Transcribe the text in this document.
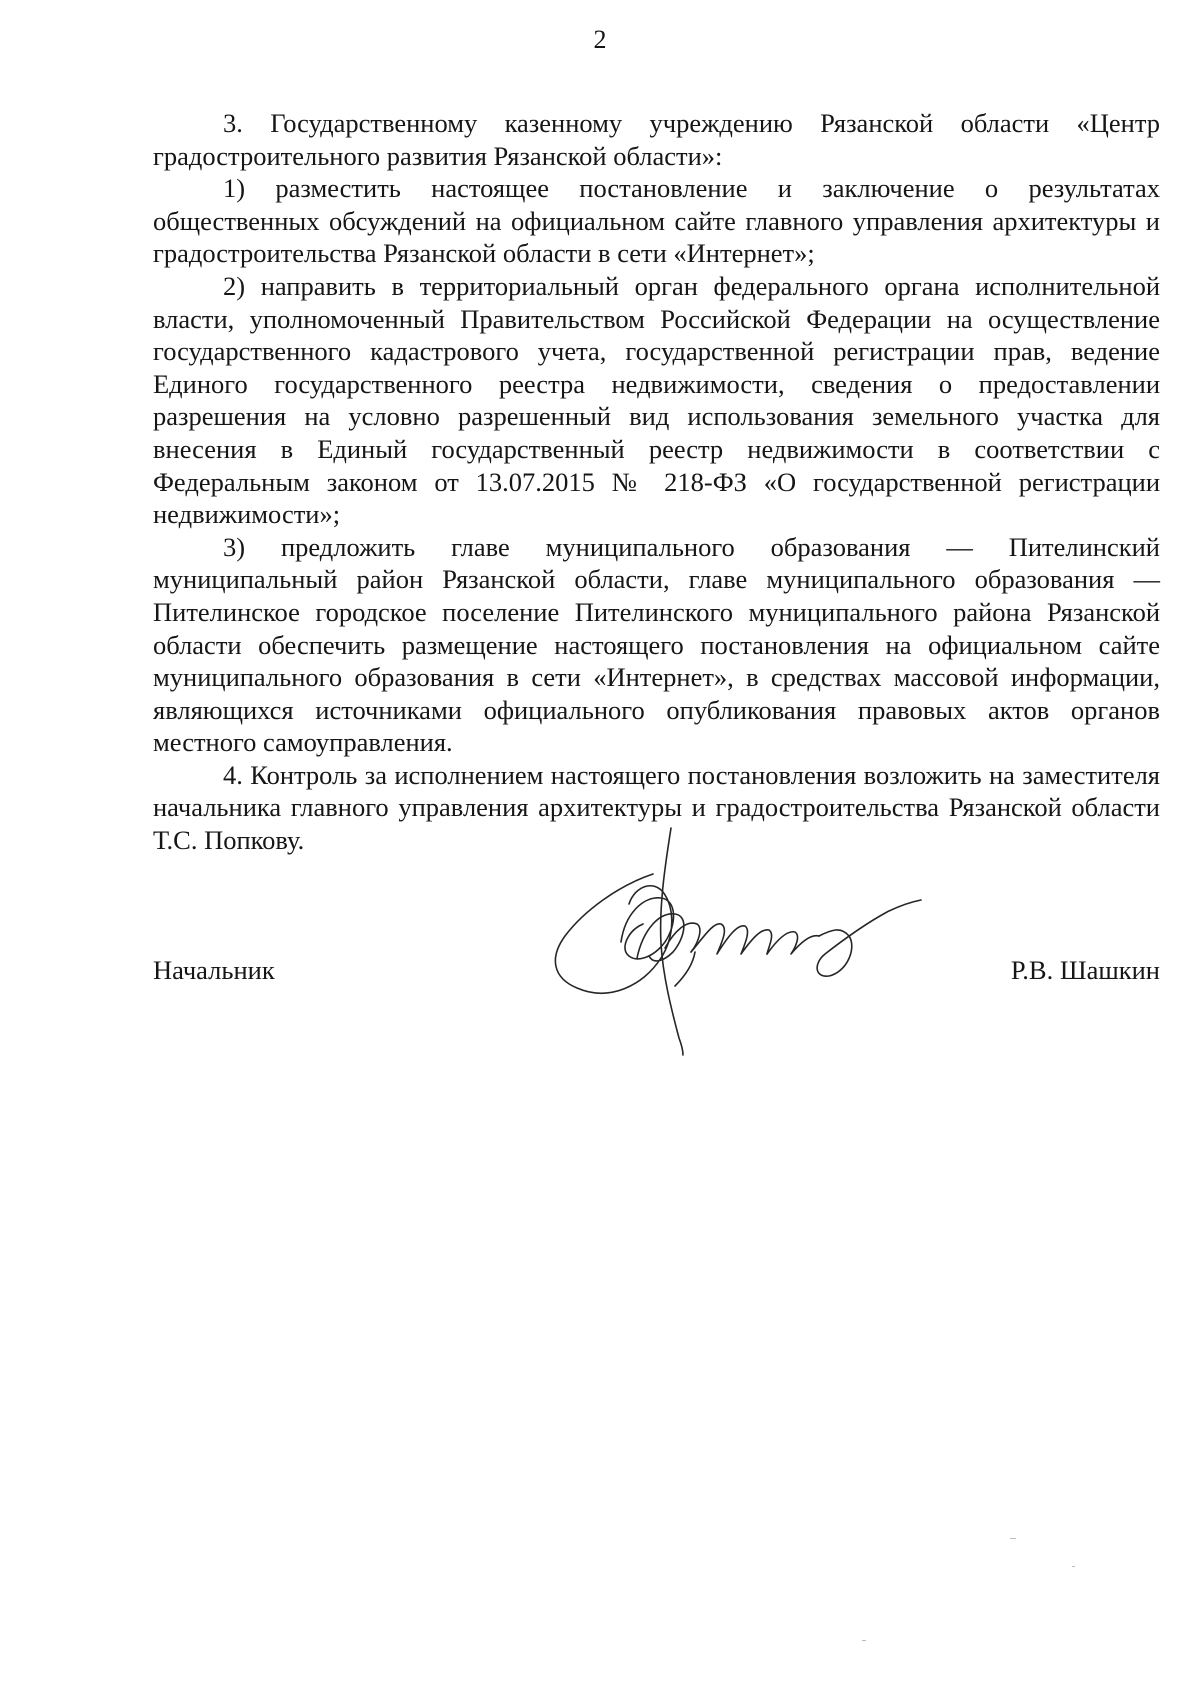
2

3. Государственному казенному учреждению Рязанской области «Центр градостроительного развития Рязанской области»:

1) разместить настоящее постановление и заключение о результатах общественных обсуждений на официальном сайте главного управления архитектуры и градостроительства Рязанской области в сети «Интернет»;

2) направить в территориальный орган федерального органа исполнительной власти, уполномоченный Правительством Российской Федерации на осуществление государственного кадастрового учета, государственной регистрации прав, ведение Единого государственного реестра недвижимости, сведения о предоставлении разрешения на условно разрешенный вид использования земельного участка для внесения в Единый государственный реестр недвижимости в соответствии с Федеральным законом от 13.07.2015 № 218-ФЗ «О государственной регистрации недвижимости»;

3) предложить главе муниципального образования — Пителинский муниципальный район Рязанской области, главе муниципального образования — Пителинское городское поселение Пителинского муниципального района Рязанской области обеспечить размещение настоящего постановления на официальном сайте муниципального образования в сети «Интернет», в средствах массовой информации, являющихся источниками официального опубликования правовых актов органов местного самоуправления.

4. Контроль за исполнением настоящего постановления возложить на заместителя начальника главного управления архитектуры и градостроительства Рязанской области Т.С. Попкову.

Начальник	Р.В. Шашкин
